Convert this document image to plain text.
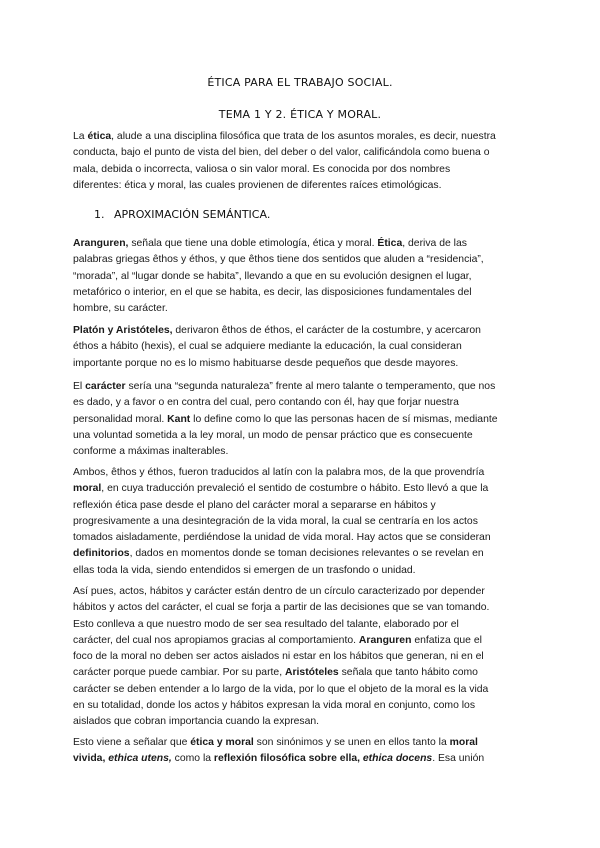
ÉTICA PARA EL TRABAJO SOCIAL.
TEMA 1 Y 2. ÉTICA Y MORAL.

La ética, alude a una disciplina filosófica que trata de los asuntos morales, es decir, nuestra
conducta, bajo el punto de vista del bien, del deber o del valor, calificándola como buena o
mala, debida o incorrecta, valiosa o sin valor moral. Es conocida por dos nombres
diferentes: ética y moral, las cuales provienen de diferentes raíces etimológicas.

1. APROXIMACIÓN SEMÁNTICA.

Aranguren, señala que tiene una doble etimología, ética y moral. Ética, deriva de las
palabras griegas êthos y éthos, y que êthos tiene dos sentidos que aluden a “residencia”,
“morada”, al “lugar donde se habita”, llevando a que en su evolución designen el lugar,
metafórico o interior, en el que se habita, es decir, las disposiciones fundamentales del
hombre, su carácter.

Platón y Aristóteles, derivaron êthos de éthos, el carácter de la costumbre, y acercaron
éthos a hábito (hexis), el cual se adquiere mediante la educación, la cual consideran
importante porque no es lo mismo habituarse desde pequeños que desde mayores.

El carácter sería una “segunda naturaleza” frente al mero talante o temperamento, que nos
es dado, y a favor o en contra del cual, pero contando con él, hay que forjar nuestra
personalidad moral. Kant lo define como lo que las personas hacen de sí mismas, mediante
una voluntad sometida a la ley moral, un modo de pensar práctico que es consecuente
conforme a máximas inalterables.

Ambos, êthos y éthos, fueron traducidos al latín con la palabra mos, de la que provendría
moral, en cuya traducción prevaleció el sentido de costumbre o hábito. Esto llevó a que la
reflexión ética pase desde el plano del carácter moral a separarse en hábitos y
progresivamente a una desintegración de la vida moral, la cual se centraría en los actos
tomados aisladamente, perdiéndose la unidad de vida moral. Hay actos que se consideran
definitorios, dados en momentos donde se toman decisiones relevantes o se revelan en
ellas toda la vida, siendo entendidos si emergen de un trasfondo o unidad.

Así pues, actos, hábitos y carácter están dentro de un círculo caracterizado por depender
hábitos y actos del carácter, el cual se forja a partir de las decisiones que se van tomando.
Esto conlleva a que nuestro modo de ser sea resultado del talante, elaborado por el
carácter, del cual nos apropiamos gracias al comportamiento. Aranguren enfatiza que el
foco de la moral no deben ser actos aislados ni estar en los hábitos que generan, ni en el
carácter porque puede cambiar. Por su parte, Aristóteles señala que tanto hábito como
carácter se deben entender a lo largo de la vida, por lo que el objeto de la moral es la vida
en su totalidad, donde los actos y hábitos expresan la vida moral en conjunto, como los
aislados que cobran importancia cuando la expresan.

Esto viene a señalar que ética y moral son sinónimos y se unen en ellos tanto la moral
vivida, ethica utens, como la reflexión filosófica sobre ella, ethica docens. Esa unión
